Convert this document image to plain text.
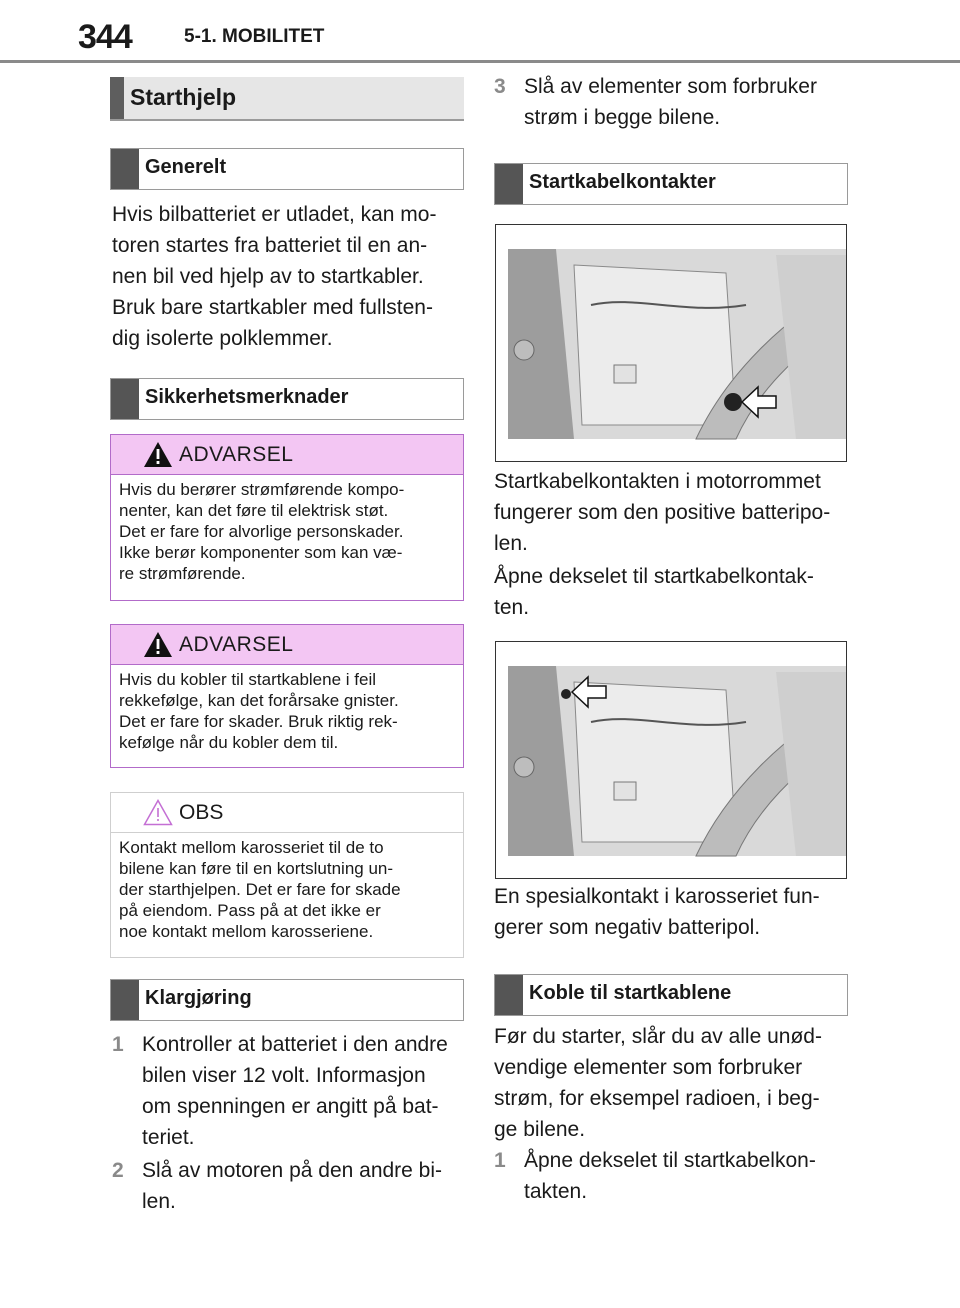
344	5-1. MOBILITET
Starthjelp
Generelt
Hvis bilbatteriet er utladet, kan mo-
toren startes fra batteriet til en an-
nen bil ved hjelp av to startkabler.
Bruk bare startkabler med fullsten-
dig isolerte polklemmer.
Sikkerhetsmerknader
ADVARSEL
Hvis du berører strømførende kompo-
nenter, kan det føre til elektrisk støt.
Det er fare for alvorlige personskader.
Ikke berør komponenter som kan væ-
re strømførende.
ADVARSEL
Hvis du kobler til startkablene i feil
rekkefølge, kan det forårsake gnister.
Det er fare for skader. Bruk riktig rek-
kefølge når du kobler dem til.
OBS
Kontakt mellom karosseriet til de to
bilene kan føre til en kortslutning un-
der starthjelpen. Det er fare for skade
på eiendom. Pass på at det ikke er
noe kontakt mellom karosseriene.
Klargjøring
1 Kontroller at batteriet i den andre
bilen viser 12 volt. Informasjon
om spenningen er angitt på bat-
teriet.
2 Slå av motoren på den andre bi-
len.
3 Slå av elementer som forbruker
strøm i begge bilene.
Startkabelkontakter
Startkabelkontakten i motorrommet
fungerer som den positive batteripo-
len.
Åpne dekselet til startkabelkontak-
ten.
En spesialkontakt i karosseriet fun-
gerer som negativ batteripol.
Koble til startkablene
Før du starter, slår du av alle unød-
vendige elementer som forbruker
strøm, for eksempel radioen, i beg-
ge bilene.
1 Åpne dekselet til startkabelkon-
takten.
